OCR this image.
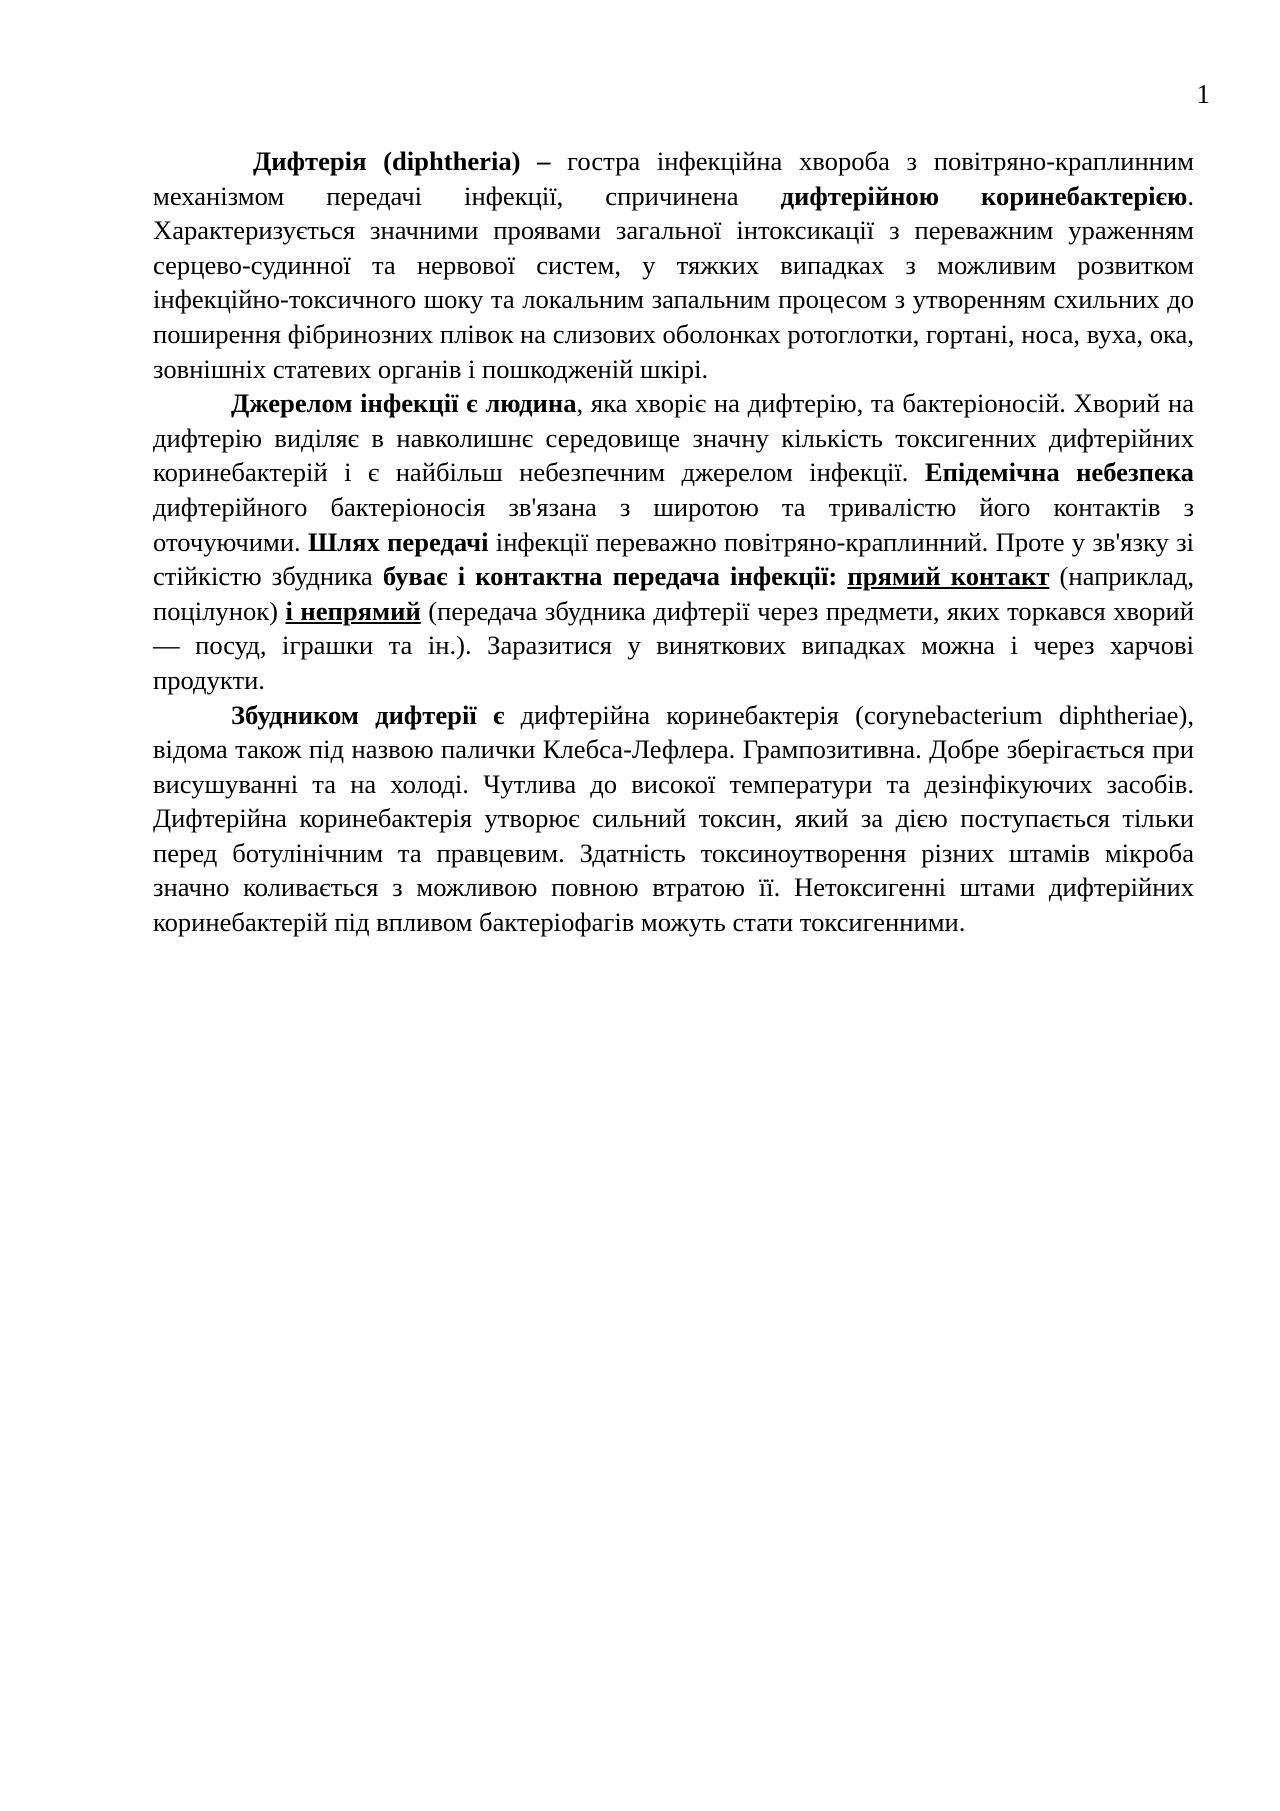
1

Дифтерія (diphtheria) – гостра інфекційна хвороба з повітряно-краплинним механізмом передачі інфекції, спричинена дифтерійною коринебактерією. Характеризується значними проявами загальної інтоксикації з переважним ураженням серцево-судинної та нервової систем, у тяжких випадках з можливим розвитком інфекційно-токсичного шоку та локальним запальним процесом з утворенням схильних до поширення фібринозних плівок на слизових оболонках ротоглотки, гортані, носа, вуха, ока, зовнішніх статевих органів і пошкодженій шкірі.

Джерелом інфекції є людина, яка хворіє на дифтерію, та бактеріоносій. Хворий на дифтерію виділяє в навколишнє середовище значну кількість токсигенних дифтерійних коринебактерій і є найбільш небезпечним джерелом інфекції. Епідемічна небезпека дифтерійного бактеріоносія зв'язана з широтою та тривалістю його контактів з оточуючими. Шлях передачі інфекції переважно повітряно-краплинний. Проте у зв'язку зі стійкістю збудника буває і контактна передача інфекції: прямий контакт (наприклад, поцілунок) і непрямий (передача збудника дифтерії через предмети, яких торкався хворий — посуд, іграшки та ін.). Заразитися у виняткових випадках можна і через харчові продукти.

Збудником дифтерії є дифтерійна коринебактерія (corynebacterium diphtheriae), відома також під назвою палички Клебса-Лефлера. Грампозитивна. Добре зберігається при висушуванні та на холоді. Чутлива до високої температури та дезінфікуючих засобів. Дифтерійна коринебактерія утворює сильний токсин, який за дією поступається тільки перед ботулінічним та правцевим. Здатність токсиноутворення різних штамів мікроба значно коливається з можливою повною втратою її. Нетоксигенні штами дифтерійних коринебактерій під впливом бактеріофагів можуть стати токсигенними.
